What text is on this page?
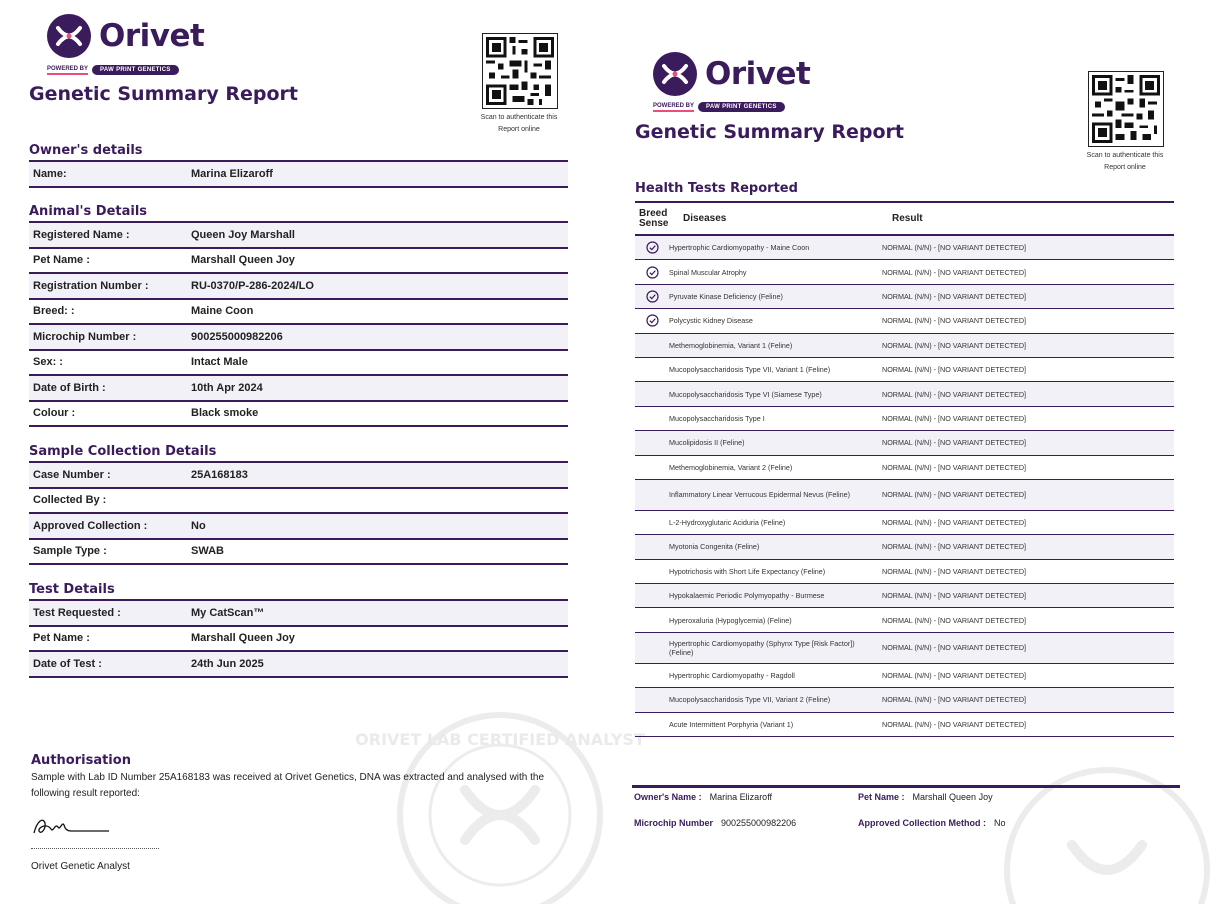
ORIVET LAB CERTIFIED ANALYST
Orivet
POWERED BY	PAW PRINT GENETICS
Genetic Summary Report
Scan to authenticate this Report online
Owner's details
Name:	Marina Elizaroff
Animal's Details
Registered Name :	Queen Joy Marshall
Pet Name :	Marshall Queen Joy
Registration Number :	RU-0370/P-286-2024/LO
Breed: :	Maine Coon
Microchip Number :	900255000982206
Sex: :	Intact Male
Date of Birth :	10th Apr 2024
Colour :	Black smoke
Sample Collection Details
Case Number :	25A168183
Collected By :
Approved Collection :	No
Sample Type :	SWAB
Test Details
Test Requested :	My CatScan™
Pet Name :	Marshall Queen Joy
Date of Test :	24th Jun 2025
Authorisation

Sample with Lab ID Number 25A168183 was received at Orivet Genetics, DNA was extracted and analysed with the following result reported:

Orivet Genetic Analyst
Orivet
POWERED BY	PAW PRINT GENETICS
Genetic Summary Report
Scan to authenticate this Report online
Health Tests Reported
Breed Sense	Diseases	Result
Hypertrophic Cardiomyopathy - Maine Coon	NORMAL (N/N) - [NO VARIANT DETECTED]
Spinal Muscular Atrophy	NORMAL (N/N) - [NO VARIANT DETECTED]
Pyruvate Kinase Deficiency (Feline)	NORMAL (N/N) - [NO VARIANT DETECTED]
Polycystic Kidney Disease	NORMAL (N/N) - [NO VARIANT DETECTED]
Methemoglobinemia, Variant 1 (Feline)	NORMAL (N/N) - [NO VARIANT DETECTED]
Mucopolysaccharidosis Type VII, Variant 1 (Feline)	NORMAL (N/N) - [NO VARIANT DETECTED]
Mucopolysaccharidosis Type VI (Siamese Type)	NORMAL (N/N) - [NO VARIANT DETECTED]
Mucopolysaccharidosis Type I	NORMAL (N/N) - [NO VARIANT DETECTED]
Mucolipidosis II (Feline)	NORMAL (N/N) - [NO VARIANT DETECTED]
Methemoglobinemia, Variant 2 (Feline)	NORMAL (N/N) - [NO VARIANT DETECTED]
Inflammatory Linear Verrucous Epidermal Nevus (Feline)	NORMAL (N/N) - [NO VARIANT DETECTED]
L-2-Hydroxyglutaric Aciduria (Feline)	NORMAL (N/N) - [NO VARIANT DETECTED]
Myotonia Congenita (Feline)	NORMAL (N/N) - [NO VARIANT DETECTED]
Hypotrichosis with Short Life Expectancy (Feline)	NORMAL (N/N) - [NO VARIANT DETECTED]
Hypokalaemic Periodic Polymyopathy - Burmese	NORMAL (N/N) - [NO VARIANT DETECTED]
Hyperoxaluria (Hypoglycemia) (Feline)	NORMAL (N/N) - [NO VARIANT DETECTED]
Hypertrophic Cardiomyopathy (Sphynx Type [Risk Factor]) (Feline)	NORMAL (N/N) - [NO VARIANT DETECTED]
Hypertrophic Cardiomyopathy - Ragdoll	NORMAL (N/N) - [NO VARIANT DETECTED]
Mucopolysaccharidosis Type VII, Variant 2 (Feline)	NORMAL (N/N) - [NO VARIANT DETECTED]
Acute Intermittent Porphyria (Variant 1)	NORMAL (N/N) - [NO VARIANT DETECTED]
Owner's Name : Marina Elizaroff	Pet Name : Marshall Queen Joy
Microchip Number 900255000982206	Approved Collection Method : No
